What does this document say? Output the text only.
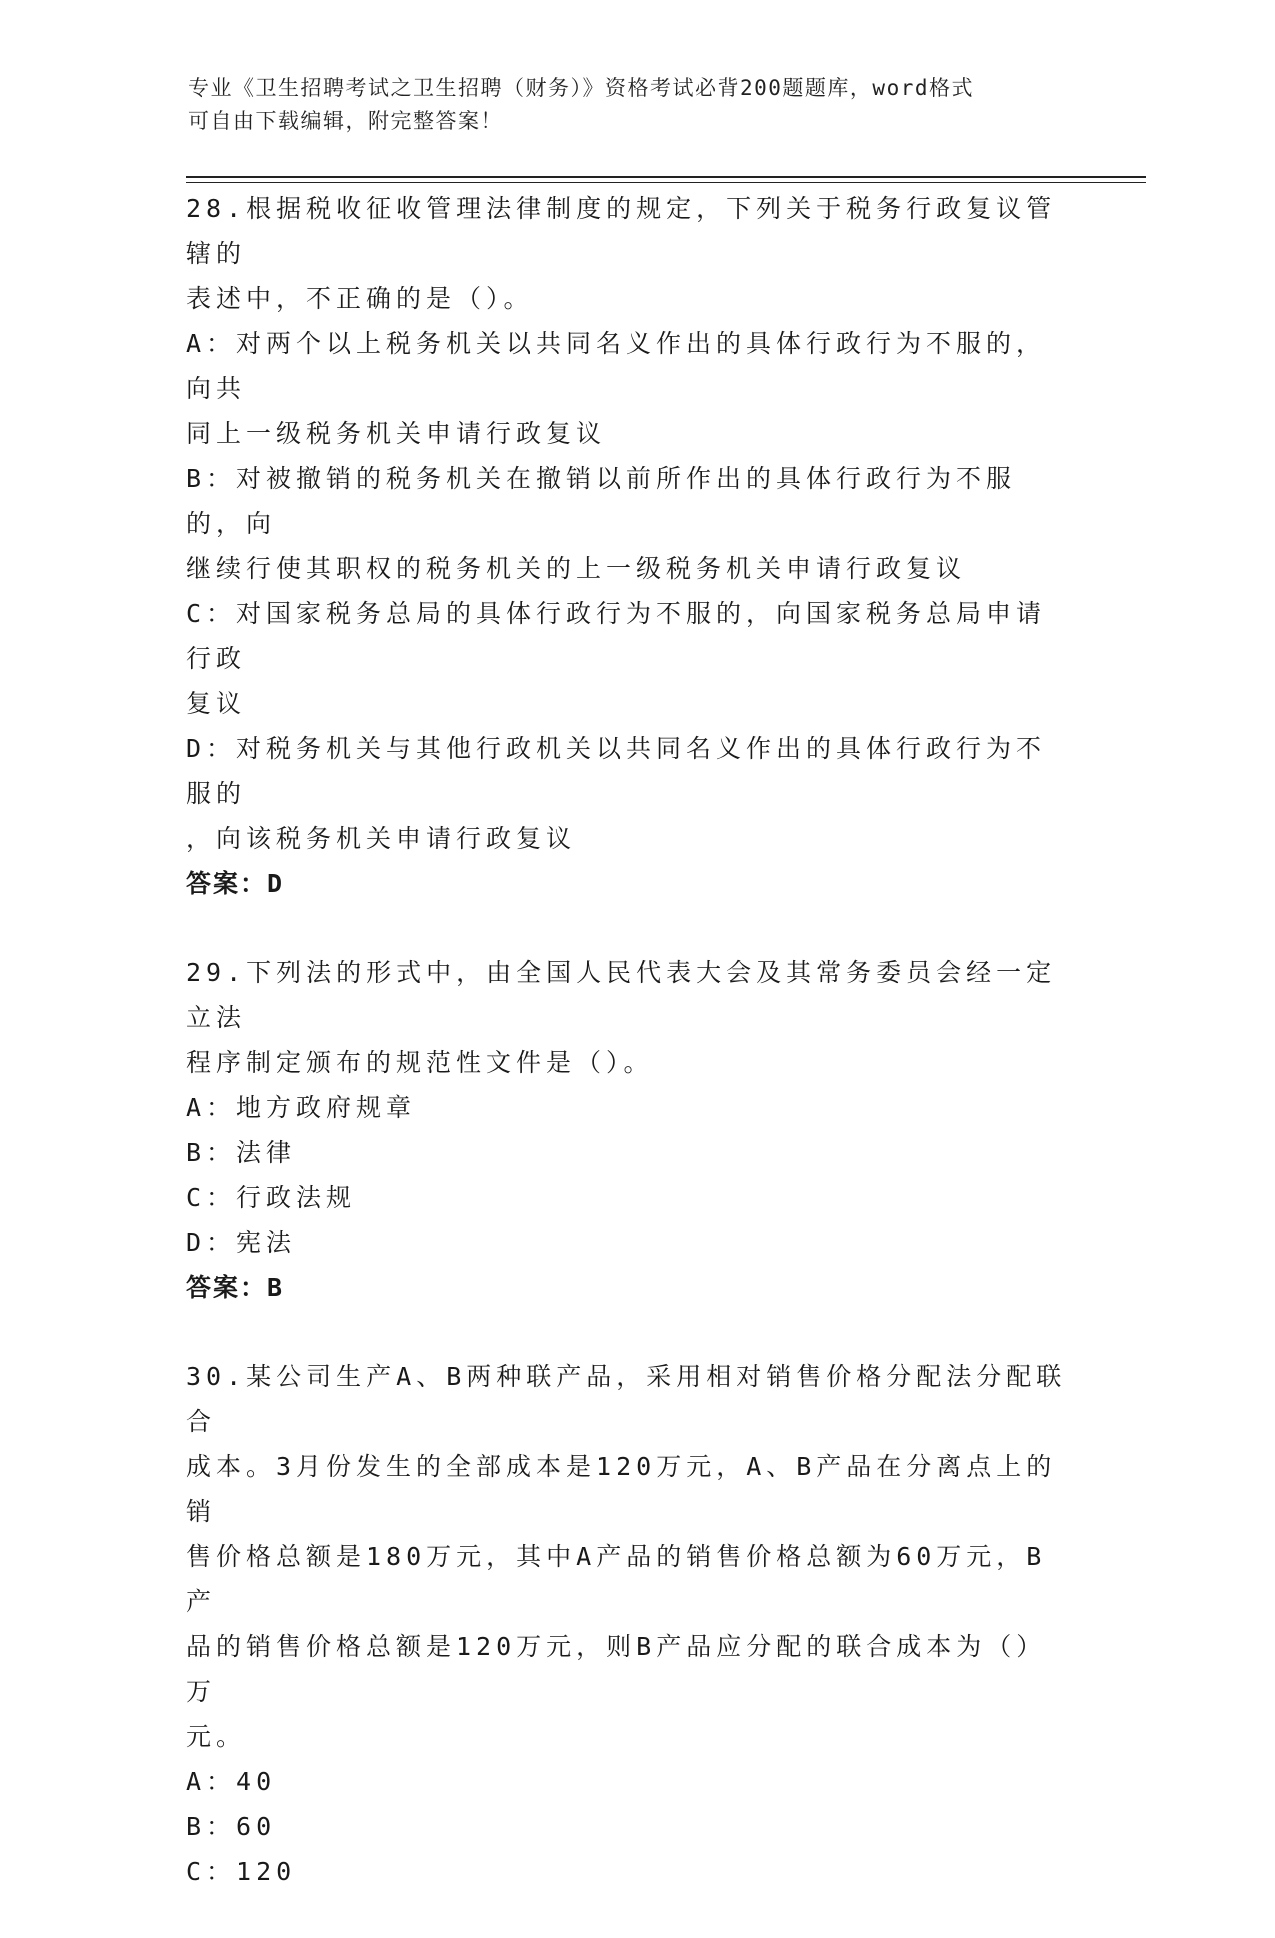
专业《卫生招聘考试之卫生招聘（财务）》资格考试必背200题题库，word格式
可自由下载编辑，附完整答案！

28.根据税收征收管理法律制度的规定，下列关于税务行政复议管辖的

表述中，不正确的是（）。

A：对两个以上税务机关以共同名义作出的具体行政行为不服的，向共

同上一级税务机关申请行政复议

B：对被撤销的税务机关在撤销以前所作出的具体行政行为不服的，向

继续行使其职权的税务机关的上一级税务机关申请行政复议

C：对国家税务总局的具体行政行为不服的，向国家税务总局申请行政

复议

D：对税务机关与其他行政机关以共同名义作出的具体行政行为不服的

，向该税务机关申请行政复议

答案：D

29.下列法的形式中，由全国人民代表大会及其常务委员会经一定立法

程序制定颁布的规范性文件是（）。

A：地方政府规章

B：法律

C：行政法规

D：宪法

答案：B

30.某公司生产A、B两种联产品，采用相对销售价格分配法分配联合

成本。3月份发生的全部成本是120万元，A、B产品在分离点上的销

售价格总额是180万元，其中A产品的销售价格总额为60万元，B产

品的销售价格总额是120万元，则B产品应分配的联合成本为（）万

元。

A：40

B：60

C：120
